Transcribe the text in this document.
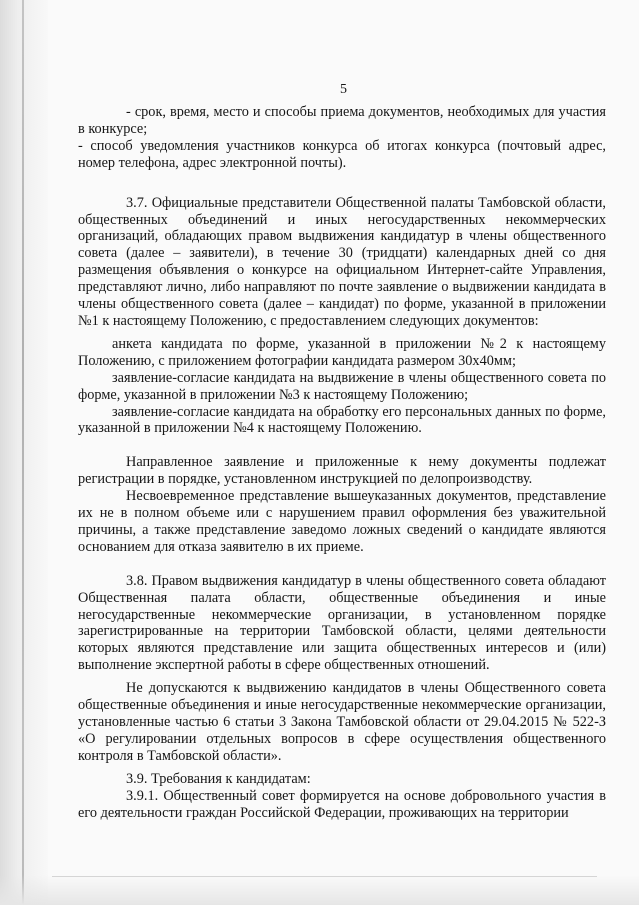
5

- срок, время, место и способы приема документов, необходимых для участия в конкурсе;

- способ уведомления участников конкурса об итогах конкурса (почтовый адрес, номер телефона, адрес электронной почты).

3.7. Официальные представители Общественной палаты Тамбовской области, общественных объединений и иных негосударственных некоммерческих организаций, обладающих правом выдвижения кандидатур в члены общественного совета (далее – заявители), в течение 30 (тридцати) календарных дней со дня размещения объявления о конкурсе на официальном Интернет-сайте Управления, представляют лично, либо направляют по почте заявление о выдвижении кандидата в члены общественного совета (далее – кандидат) по форме, указанной в приложении №1 к настоящему Положению, с предоставлением следующих документов:

анкета кандидата по форме, указанной в приложении №2 к настоящему Положению, с приложением фотографии кандидата размером 30х40мм;

заявление-согласие кандидата на выдвижение в члены общественного совета по форме, указанной в приложении №3 к настоящему Положению;

заявление-согласие кандидата на обработку его персональных данных по форме, указанной в приложении №4 к настоящему Положению.

Направленное заявление и приложенные к нему документы подлежат регистрации в порядке, установленном инструкцией по делопроизводству.

Несвоевременное представление вышеуказанных документов, представление их не в полном объеме или с нарушением правил оформления без уважительной причины, а также представление заведомо ложных сведений о кандидате являются основанием для отказа заявителю в их приеме.

3.8. Правом выдвижения кандидатур в члены общественного совета обладают Общественная палата области, общественные объединения и иные негосударственные некоммерческие организации, в установленном порядке зарегистрированные на территории Тамбовской области, целями деятельности которых являются представление или защита общественных интересов и (или) выполнение экспертной работы в сфере общественных отношений.

Не допускаются к выдвижению кандидатов в члены Общественного совета общественные объединения и иные негосударственные некоммерческие организации, установленные частью 6 статьи 3 Закона Тамбовской области от 29.04.2015 № 522-З «О регулировании отдельных вопросов в сфере осуществления общественного контроля в Тамбовской области».

3.9. Требования к кандидатам:

3.9.1. Общественный совет формируется на основе добровольного участия в его деятельности граждан Российской Федерации, проживающих на территории
